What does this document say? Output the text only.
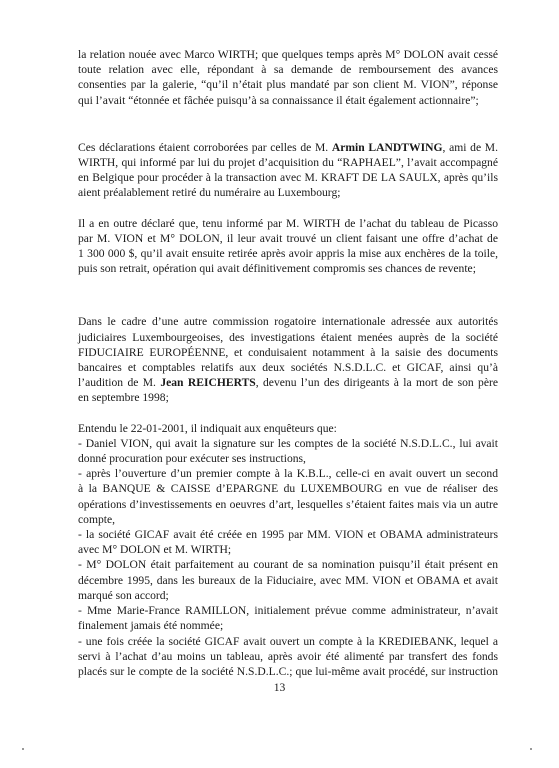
la relation nouée avec Marco WIRTH; que quelques temps après M° DOLON avait cessé
toute relation avec elle, répondant à sa demande de remboursement des avances
consenties par la galerie, “qu’il n’était plus mandaté par son client M. VION”, réponse
qui l’avait “étonnée et fâchée puisqu’à sa connaissance il était également actionnaire”;

Ces déclarations étaient corroborées par celles de M. Armin LANDTWING, ami de M.
WIRTH, qui informé par lui du projet d’acquisition du “RAPHAEL”, l’avait accompagné
en Belgique pour procéder à la transaction avec M. KRAFT DE LA SAULX, après qu’ils
aient préalablement retiré du numéraire au Luxembourg;

Il a en outre déclaré que, tenu informé par M. WIRTH de l’achat du tableau de Picasso
par M. VION et M° DOLON, il leur avait trouvé un client faisant une offre d’achat de
1 300 000 $, qu’il avait ensuite retirée après avoir appris la mise aux enchères de la toile,
puis son retrait, opération qui avait définitivement compromis ses chances de revente;

Dans le cadre d’une autre commission rogatoire internationale adressée aux autorités
judiciaires Luxembourgeoises, des investigations étaient menées auprès de la société
FIDUCIAIRE EUROPÉENNE, et conduisaient notamment à la saisie des documents
bancaires et comptables relatifs aux deux sociétés N.S.D.L.C. et GICAF, ainsi qu’à
l’audition de M. Jean REICHERTS, devenu l’un des dirigeants à la mort de son père
en septembre 1998;

Entendu le 22-01-2001, il indiquait aux enquêteurs que:
- Daniel VION, qui avait la signature sur les comptes de la société N.S.D.L.C., lui avait
donné procuration pour exécuter ses instructions,
- après l’ouverture d’un premier compte à la K.B.L., celle-ci en avait ouvert un second
à la BANQUE & CAISSE d’EPARGNE du LUXEMBOURG en vue de réaliser des
opérations d’investissements en oeuvres d’art, lesquelles s’étaient faites mais via un autre
compte,
- la société GICAF avait été créée en 1995 par MM. VION et OBAMA administrateurs
avec M° DOLON et M. WIRTH;
- M° DOLON était parfaitement au courant de sa nomination puisqu’il était présent en
décembre 1995, dans les bureaux de la Fiduciaire, avec MM. VION et OBAMA et avait
marqué son accord;
- Mme Marie-France RAMILLON, initialement prévue comme administrateur, n’avait
finalement jamais été nommée;
- une fois créée la société GICAF avait ouvert un compte à la KREDIEBANK, lequel a
servi à l’achat d’au moins un tableau, après avoir été alimenté par transfert des fonds
placés sur le compte de la société N.S.D.L.C.; que lui-même avait procédé, sur instruction

13
